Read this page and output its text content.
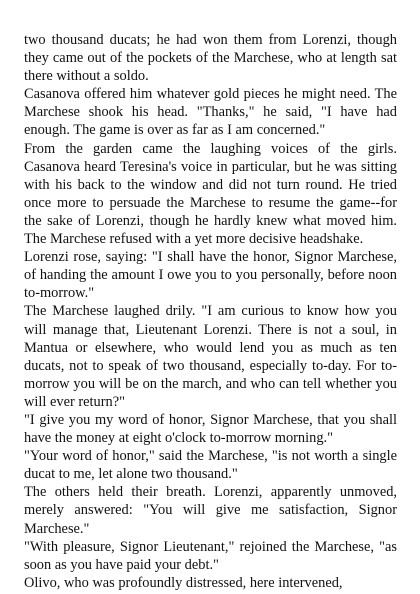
two thousand ducats; he had won them from Lorenzi, though they came out of the pockets of the Marchese, who at length sat there without a soldo.

Casanova offered him whatever gold pieces he might need. The Marchese shook his head. "Thanks," he said, "I have had enough. The game is over as far as I am concerned."

From the garden came the laughing voices of the girls. Casanova heard Teresina's voice in particular, but he was sitting with his back to the window and did not turn round. He tried once more to persuade the Marchese to resume the game--for the sake of Lorenzi, though he hardly knew what moved him. The Marchese refused with a yet more decisive headshake.

Lorenzi rose, saying: "I shall have the honor, Signor Marchese, of handing the amount I owe you to you personally, before noon to-morrow."

The Marchese laughed drily. "I am curious to know how you will manage that, Lieutenant Lorenzi. There is not a soul, in Mantua or elsewhere, who would lend you as much as ten ducats, not to speak of two thousand, especially to-day. For to-morrow you will be on the march, and who can tell whether you will ever return?"

"I give you my word of honor, Signor Marchese, that you shall have the money at eight o'clock to-morrow morning."

"Your word of honor," said the Marchese, "is not worth a single ducat to me, let alone two thousand."

The others held their breath. Lorenzi, apparently unmoved, merely answered: "You will give me satisfaction, Signor Marchese."

"With pleasure, Signor Lieutenant," rejoined the Marchese, "as soon as you have paid your debt."

Olivo, who was profoundly distressed, here intervened,
